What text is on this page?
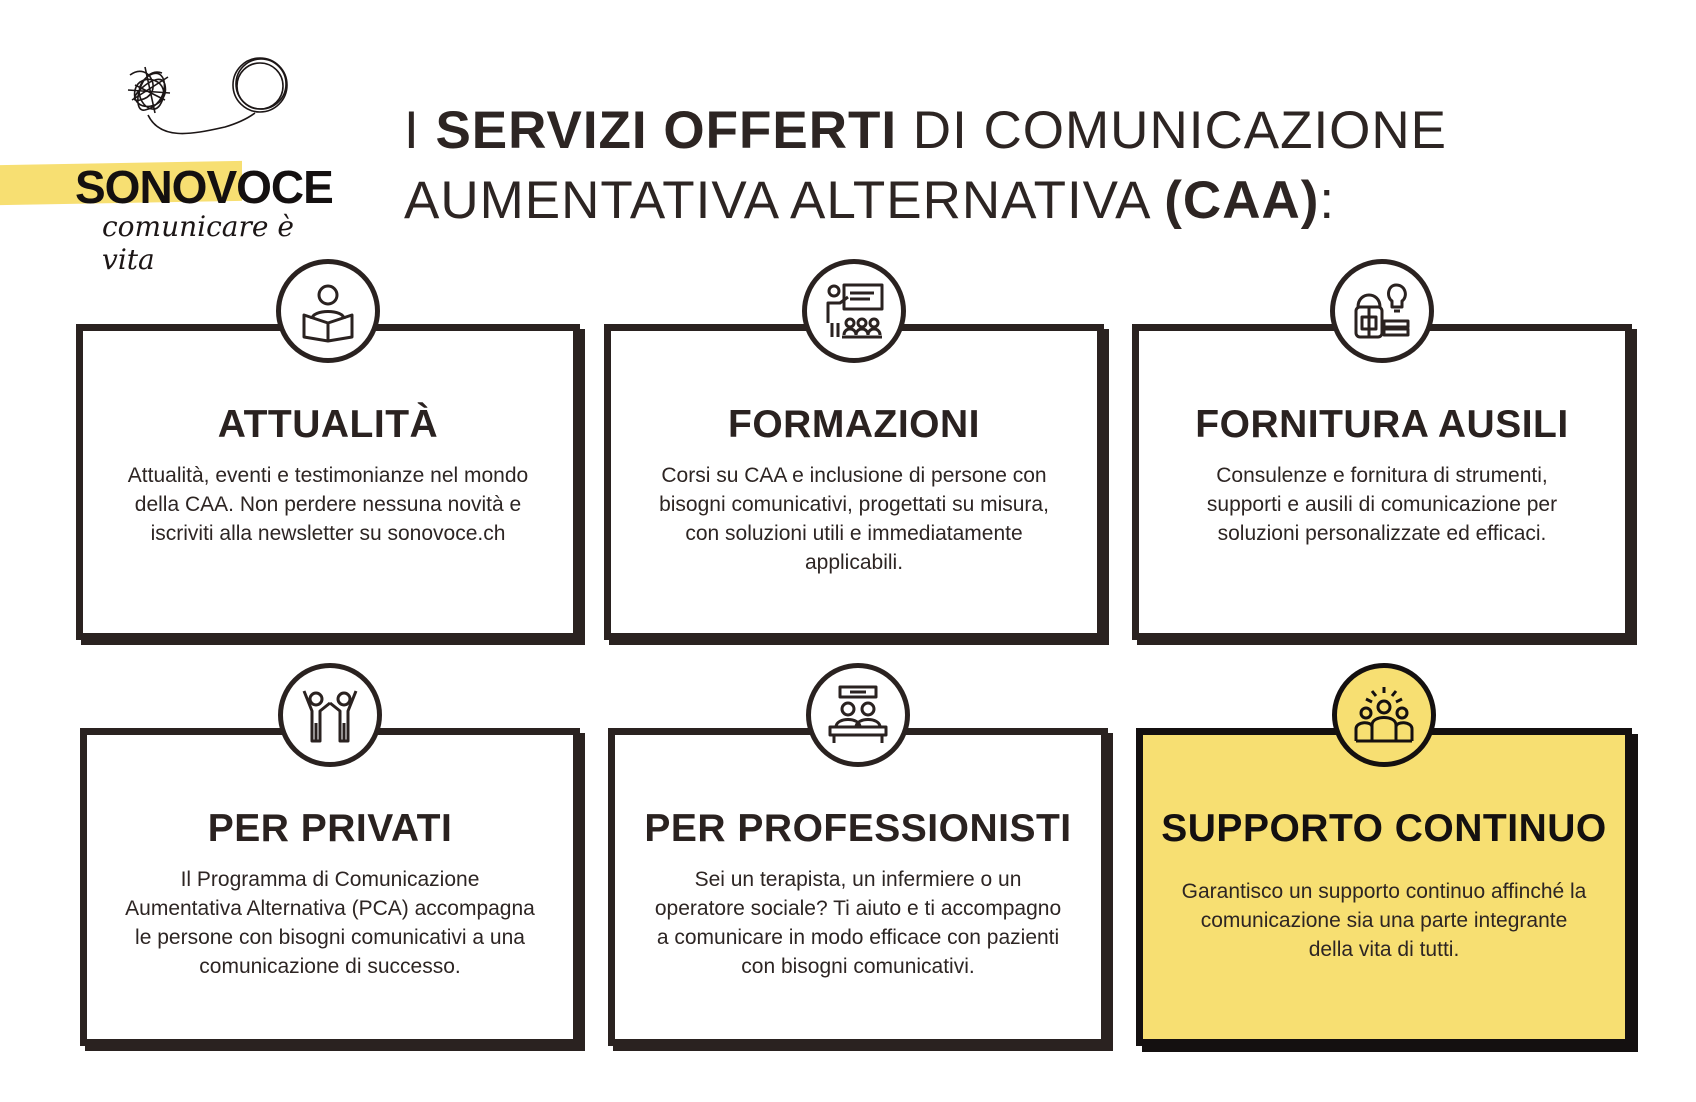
SONOVOCE
comunicare è vita
I SERVIZI OFFERTI DI COMUNICAZIONE AUMENTATIVA ALTERNATIVA (CAA):
ATTUALITÀ

Attualità, eventi e testimonianze nel mondo della CAA. Non perdere nessuna novità e iscriviti alla newsletter su sonovoce.ch

FORMAZIONI

Corsi su CAA e inclusione di persone con bisogni comunicativi, progettati su misura, con soluzioni utili e immediatamente applicabili.

FORNITURA AUSILI

Consulenze e fornitura di strumenti, supporti e ausili di comunicazione per soluzioni personalizzate ed efficaci.

PER PRIVATI

Il Programma di Comunicazione Aumentativa Alternativa (PCA) accompagna le persone con bisogni comunicativi a una comunicazione di successo.

PER PROFESSIONISTI

Sei un terapista, un infermiere o un operatore sociale? Ti aiuto e ti accompagno a comunicare in modo efficace con pazienti con bisogni comunicativi.

SUPPORTO CONTINUO

Garantisco un supporto continuo affinché la comunicazione sia una parte integrante della vita di tutti.
